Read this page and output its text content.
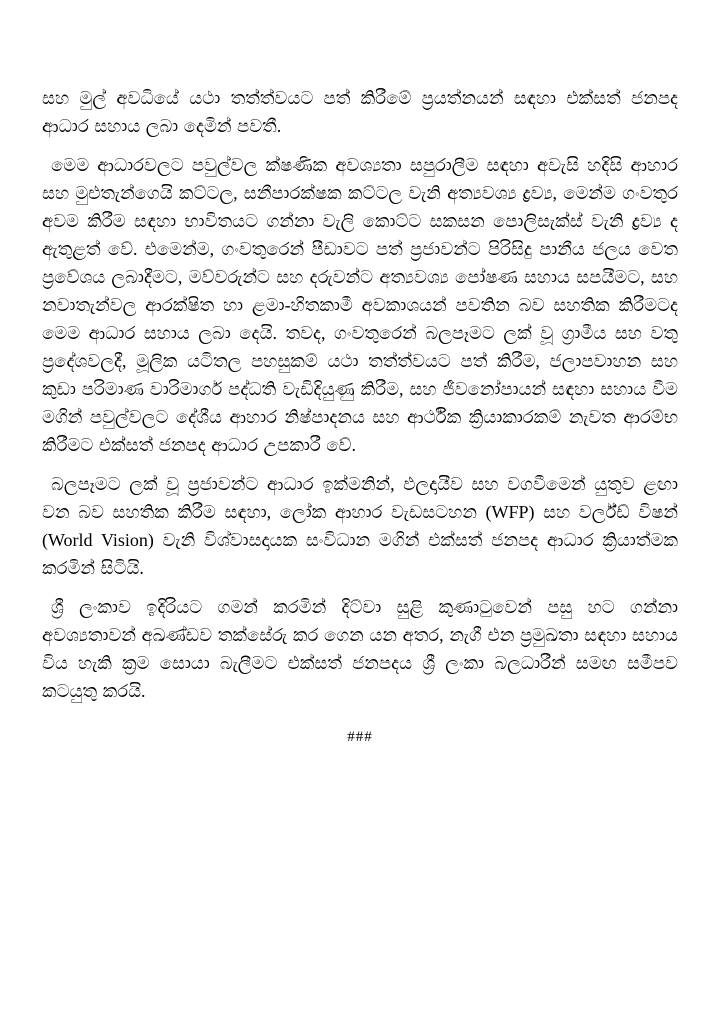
සහ මුල් අවධියේ යථා තත්ත්වයට පත් කිරීමේ ප්‍රයත්නයන් සඳහා එක්සත් ජනපද ආධාර සහාය ලබා දෙමින් පවතී.

මෙම ආධාරවලට පවුල්වල ක්ෂණික අවශ්‍යතා සපුරාලීම සඳහා අවැසි හදිසි ආහාර සහ මුළුතැන්ගෙයි කට්ටල, සනීපාරක්ෂක කට්ටල වැනි අත්‍යවශ්‍ය ද්‍රව්‍ය, මෙන්ම ගංවතුර අවම කිරීම සඳහා භාවිතයට ගන්නා වැලි කොට්ට සකසන පොලිසැක්ස් වැනි ද්‍රව්‍ය ද ඇතුළත් වේ. එමෙන්ම, ගංවතුරෙන් පීඩාවට පත් ප්‍රජාවන්ට පිරිසිදු පානීය ජලය වෙත ප්‍රවේශය ලබාදීමට, මව්වරුන්ට සහ දරුවන්ට අත්‍යවශ්‍ය පෝෂණ සහාය සපයීමට, සහ නවාතැන්වල ආරක්ෂිත හා ළමා-හිතකාමී අවකාශයන් පවතින බව සහතික කිරීමටද මෙම ආධාර සහාය ලබා දෙයි. තවද, ගංවතුරෙන් බලපෑමට ලක් වූ ග්‍රාමීය සහ වතු ප්‍රදේශවලදී, මූලික යටිතල පහසුකම් යථා තත්ත්වයට පත් කිරීම, ජලාපවාහන සහ කුඩා පරිමාණ වාරිමාර්ග පද්ධති වැඩිදියුණු කිරීම, සහ ජීවනෝපායන් සඳහා සහාය වීම මගින් පවුල්වලට දේශීය ආහාර නිෂ්පාදනය සහ ආර්ථික ක්‍රියාකාරකම් නැවත ආරම්භ කිරීමට එක්සත් ජනපද ආධාර උපකාරී වේ.

බලපෑමට ලක් වූ ප්‍රජාවන්ට ආධාර ඉක්මනින්, ඵලදායීව සහ වගවීමෙන් යුතුව ළඟා වන බව සහතික කිරීම සඳහා, ලෝක ආහාර වැඩසටහන (WFP) සහ වර්ල්ඩ් විෂන් (World Vision) වැනි විශ්වාසදායක සංවිධාන මගින් එක්සත් ජනපද ආධාර ක්‍රියාත්මක කරමින් සිටියි.

ශ්‍රී ලංකාව ඉදිරියට ගමන් කරමින් දිට්වා සුළි කුණාටුවෙන් පසු හට ගන්නා අවශ්‍යතාවන් අඛණ්ඩව තක්සේරු කර ගෙන යන අතර, නැගී එන ප්‍රමුඛතා සඳහා සහාය විය හැකි ක්‍රම සොයා බැලීමට එක්සත් ජනපදය ශ්‍රී ලංකා බලධාරීන් සමඟ සමීපව කටයුතු කරයි.

###
